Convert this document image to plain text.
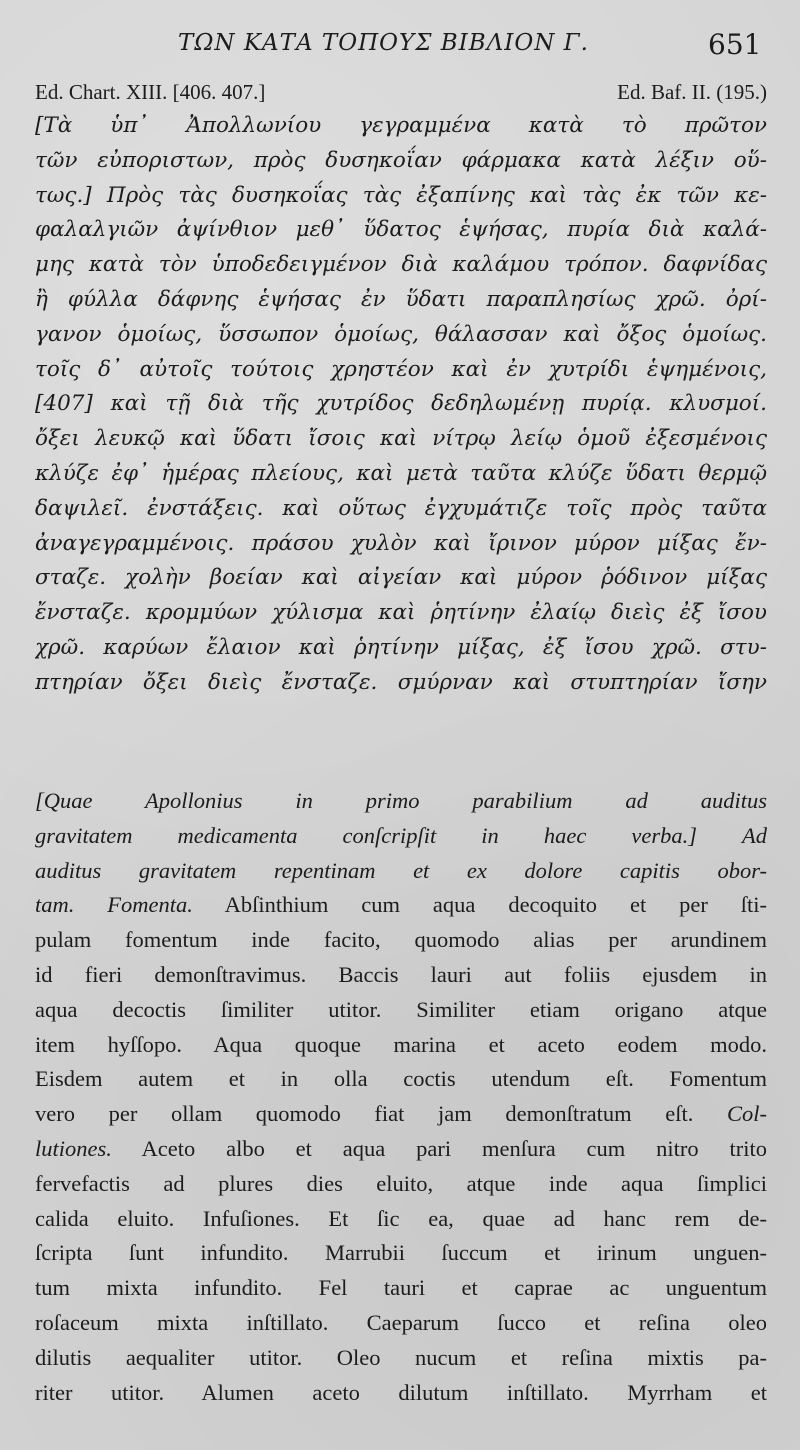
ΤΩΝ ΚΑΤΑ ΤΟΠΟΥΣ ΒΙΒΛΙΟΝ Γ.	651
Ed. Chart. XIII. [406. 407.]	Ed. Baf. II. (195.)
[Τὰ ὑπ᾽ Ἀπολλωνίου γεγραμμένα κατὰ τὸ πρῶτον
τῶν εὐποριστων, πρὸς δυσηκοΐαν φάρμακα κατὰ λέξιν οὕ-
τως.] Πρὸς τὰς δυσηκοΐας τὰς ἐξαπίνης καὶ τὰς ἐκ τῶν κε-
φαλαλγιῶν ἀψίνθιον μεθ᾽ ὕδατος ἑψήσας, πυρία διὰ καλά-
μης κατὰ τὸν ὑποδεδειγμένον διὰ καλάμου τρόπον. δαφνίδας
ἢ φύλλα δάφνης ἑψήσας ἐν ὕδατι παραπλησίως χρῶ. ὀρί-
γανον ὁμοίως, ὕσσωπον ὁμοίως, θάλασσαν καὶ ὄξος ὁμοίως.
τοῖς δ᾽ αὐτοῖς τούτοις χρηστέον καὶ ἐν χυτρίδι ἑψημένοις,
[407] καὶ τῇ διὰ τῆς χυτρίδος δεδηλωμένῃ πυρίᾳ. κλυσμοί.
ὄξει λευκῷ καὶ ὕδατι ἴσοις καὶ νίτρῳ λείῳ ὁμοῦ ἐξεσμένοις
κλύζε ἐφ᾽ ἡμέρας πλείους, καὶ μετὰ ταῦτα κλύζε ὕδατι θερμῷ
δαψιλεῖ. ἐνστάξεις. καὶ οὕτως ἐγχυμάτιζε τοῖς πρὸς ταῦτα
ἀναγεγραμμένοις. πράσου χυλὸν καὶ ἴρινον μύρον μίξας ἔν-
σταζε. χολὴν βοείαν καὶ αἰγείαν καὶ μύρον ῥόδινον μίξας
ἔνσταζε. κρομμύων χύλισμα καὶ ῥητίνην ἐλαίῳ διεὶς ἐξ ἴσου
χρῶ. καρύων ἔλαιον καὶ ῥητίνην μίξας, ἐξ ἴσου χρῶ. στυ-
πτηρίαν ὄξει διεὶς ἔνσταζε. σμύρναν καὶ στυπτηρίαν ἴσην
[Quae Apollonius in primo parabilium ad auditus
gravitatem medicamenta conſcripſit in haec verba.] Ad
auditus gravitatem repentinam et ex dolore capitis obor-
tam. Fomenta. Abſinthium cum aqua decoquito et per ſti-
pulam fomentum inde facito, quomodo alias per arundinem
id fieri demonſtravimus. Baccis lauri aut foliis ejusdem in
aqua decoctis ſimiliter utitor. Similiter etiam origano atque
item hyſſopo. Aqua quoque marina et aceto eodem modo.
Eisdem autem et in olla coctis utendum eſt. Fomentum
vero per ollam quomodo fiat jam demonſtratum eſt. Col-
lutiones. Aceto albo et aqua pari menſura cum nitro trito
fervefactis ad plures dies eluito, atque inde aqua ſimplici
calida eluito. Infuſiones. Et ſic ea, quae ad hanc rem de-
ſcripta ſunt infundito. Marrubii ſuccum et irinum unguen-
tum mixta infundito. Fel tauri et caprae ac unguentum
roſaceum mixta inſtillato. Caeparum ſucco et reſina oleo
dilutis aequaliter utitor. Oleo nucum et reſina mixtis pa-
riter utitor. Alumen aceto dilutum inſtillato. Myrrham et
